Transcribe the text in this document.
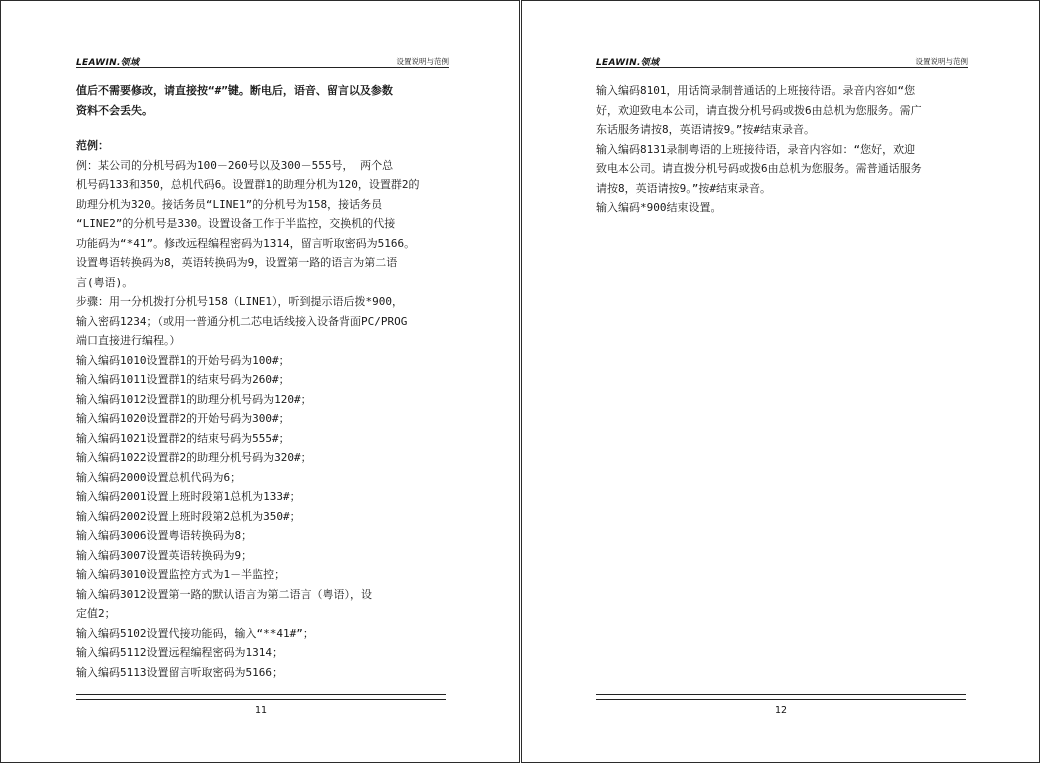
LEAWIN.领域	设置说明与范例
值后不需要修改，请直接按“#”键。断电后，语音、留言以及参数
资料不会丢失。
范例：
例：某公司的分机号码为100－260号以及300－555号， 两个总
机号码133和350，总机代码6。设置群1的助理分机为120，设置群2的
助理分机为320。接话务员“LINE1”的分机号为158，接话务员
“LINE2”的分机号是330。设置设备工作于半监控，交换机的代接
功能码为“*41”。修改远程编程密码为1314，留言听取密码为5166。
设置粤语转换码为8，英语转换码为9，设置第一路的语言为第二语
言(粤语)。
步骤：用一分机拨打分机号158（LINE1），听到提示语后拨*900，
输入密码1234；（或用一普通分机二芯电话线接入设备背面PC/PROG
端口直接进行编程。）
输入编码1010设置群1的开始号码为100#；
输入编码1011设置群1的结束号码为260#；
输入编码1012设置群1的助理分机号码为120#；
输入编码1020设置群2的开始号码为300#；
输入编码1021设置群2的结束号码为555#；
输入编码1022设置群2的助理分机号码为320#；
输入编码2000设置总机代码为6；
输入编码2001设置上班时段第1总机为133#；
输入编码2002设置上班时段第2总机为350#；
输入编码3006设置粤语转换码为8；
输入编码3007设置英语转换码为9；
输入编码3010设置监控方式为1－半监控；
输入编码3012设置第一路的默认语言为第二语言（粤语），设
定值2；
输入编码5102设置代接功能码，输入“**41#”；
输入编码5112设置远程编程密码为1314；
输入编码5113设置留言听取密码为5166；
11
LEAWIN.领域	设置说明与范例
输入编码8101，用话筒录制普通话的上班接待语。录音内容如“您
好，欢迎致电本公司，请直拨分机号码或拨6由总机为您服务。需广
东话服务请按8，英语请按9。”按#结束录音。
输入编码8131录制粤语的上班接待语，录音内容如：“您好，欢迎
致电本公司。请直拨分机号码或拨6由总机为您服务。需普通话服务
请按8，英语请按9。”按#结束录音。
输入编码*900结束设置。
12
